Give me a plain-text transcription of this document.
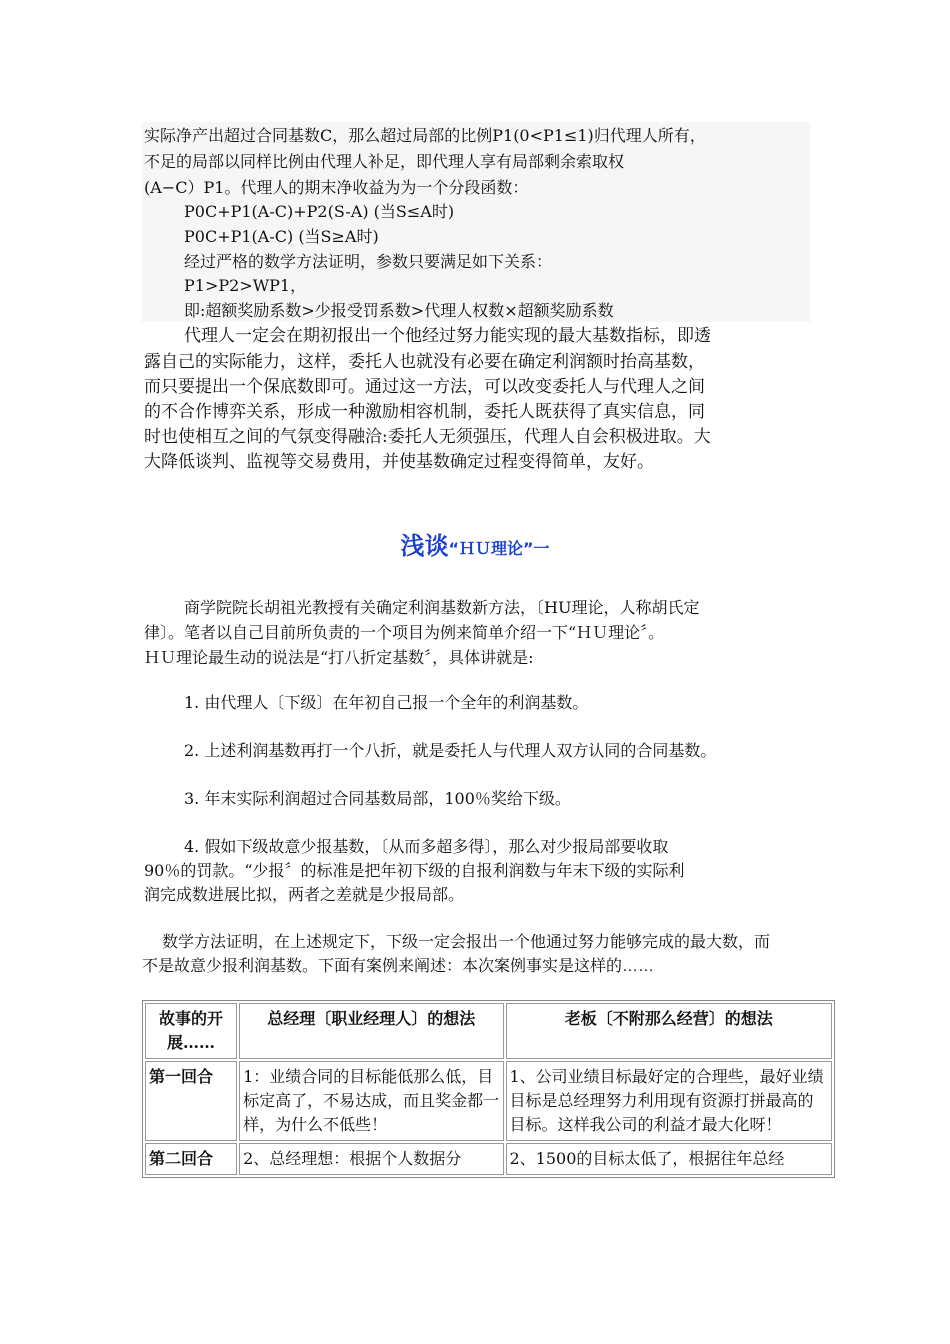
实际净产出超过合同基数C，那么超过局部的比例P1(0<P1≤1)归代理人所有，
不足的局部以同样比例由代理人补足，即代理人享有局部剩余索取权
(A−C）P1。代理人的期末净收益为为一个分段函数：
P0C+P1(A-C)+P2(S-A) (当S≤A时)
P0C+P1(A-C) (当S≥A时)
经过严格的数学方法证明，参数只要满足如下关系：
P1>P2>WP1，
即:超额奖励系数>少报受罚系数>代理人权数×超额奖励系数
代理人一定会在期初报出一个他经过努力能实现的最大基数指标，即透
露自己的实际能力，这样，委托人也就没有必要在确定利润额时抬高基数，
而只要提出一个保底数即可。通过这一方法，可以改变委托人与代理人之间
的不合作博弈关系，形成一种激励相容机制，委托人既获得了真实信息，同
时也使相互之间的气氛变得融洽:委托人无须强压，代理人自会积极进取。大
大降低谈判、监视等交易费用，并使基数确定过程变得简单，友好。
浅谈“ＨＵ理论”一
商学院院长胡祖光教授有关确定利润基数新方法，〔HU理论，人称胡氏定
律〕。笔者以自己目前所负责的一个项目为例来简单介绍一下“ＨＵ理论〞。
ＨＵ理论最生动的说法是“打八折定基数〞，具体讲就是:
1. 由代理人〔下级〕在年初自己报一个全年的利润基数。
2. 上述利润基数再打一个八折，就是委托人与代理人双方认同的合同基数。
3. 年末实际利润超过合同基数局部，100％奖给下级。
4. 假如下级故意少报基数，〔从而多超多得〕，那么对少报局部要收取
90％的罚款。“少报〞的标准是把年初下级的自报利润数与年末下级的实际利
润完成数进展比拟，两者之差就是少报局部。
数学方法证明，在上述规定下，下级一定会报出一个他通过努力能够完成的最大数，而
不是故意少报利润基数。下面有案例来阐述：本次案例事实是这样的……
故事的开展……	总经理〔职业经理人〕的想法	老板〔不附那么经营〕的想法
第一回合	1：业绩合同的目标能低那么低，目标定高了，不易达成，而且奖金都一样，为什么不低些！	1、公司业绩目标最好定的合理些，最好业绩目标是总经理努力利用现有资源打拼最高的目标。这样我公司的利益才最大化呀！
第二回合	2、总经理想：根据个人数据分	2、1500的目标太低了，根据往年总经
